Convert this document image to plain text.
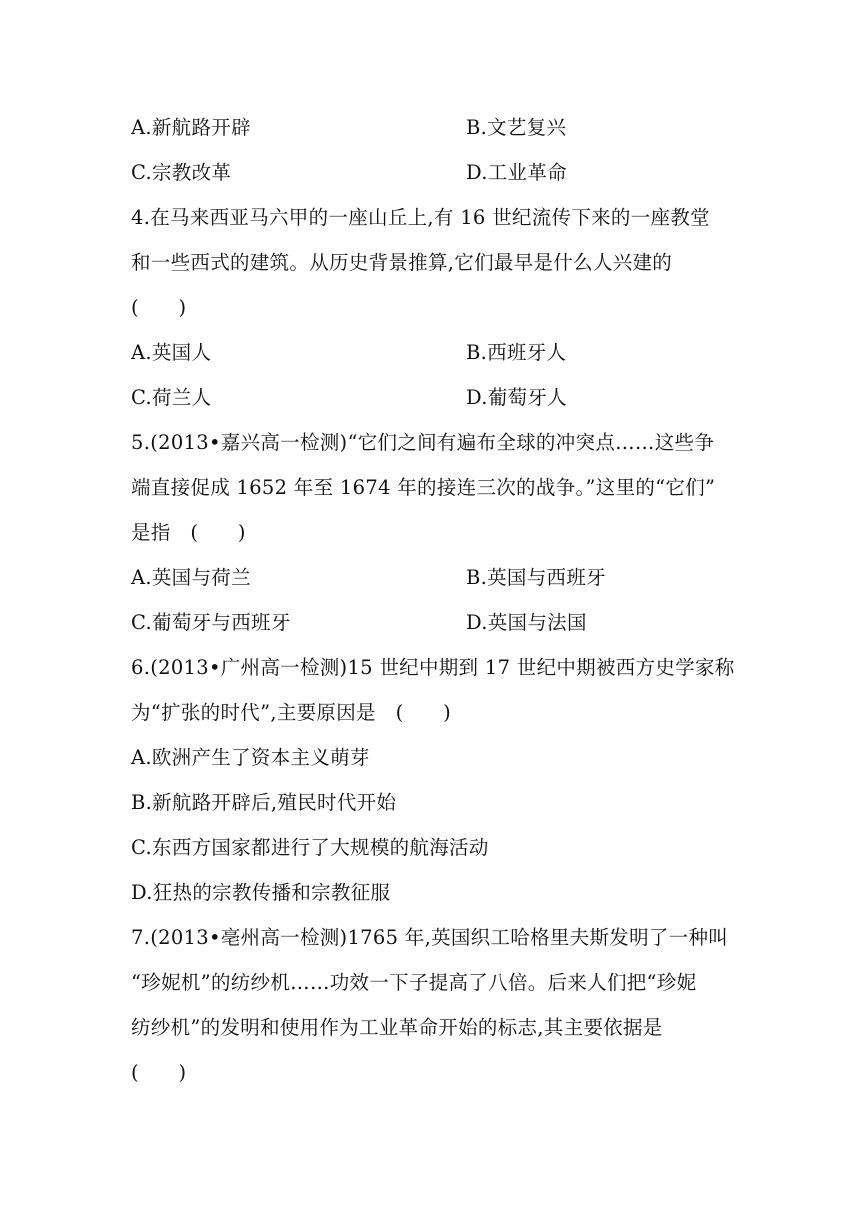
A.新航路开辟	B.文艺复兴
C.宗教改革	D.工业革命
4.在马来西亚马六甲的一座山丘上,有 16 世纪流传下来的一座教堂
和一些西式的建筑。从历史背景推算,它们最早是什么人兴建的
(　　)
A.英国人	B.西班牙人
C.荷兰人	D.葡萄牙人
5.(2013•嘉兴高一检测)“它们之间有遍布全球的冲突点……这些争
端直接促成 1652 年至 1674 年的接连三次的战争。”这里的“它们”
是指　(　　)
A.英国与荷兰	B.英国与西班牙
C.葡萄牙与西班牙	D.英国与法国
6.(2013•广州高一检测)15 世纪中期到 17 世纪中期被西方史学家称
为“扩张的时代”,主要原因是　(　　)
A.欧洲产生了资本主义萌芽
B.新航路开辟后,殖民时代开始
C.东西方国家都进行了大规模的航海活动
D.狂热的宗教传播和宗教征服
7.(2013•亳州高一检测)1765 年,英国织工哈格里夫斯发明了一种叫
“珍妮机”的纺纱机……功效一下子提高了八倍。后来人们把“珍妮
纺纱机”的发明和使用作为工业革命开始的标志,其主要依据是
(　　)
